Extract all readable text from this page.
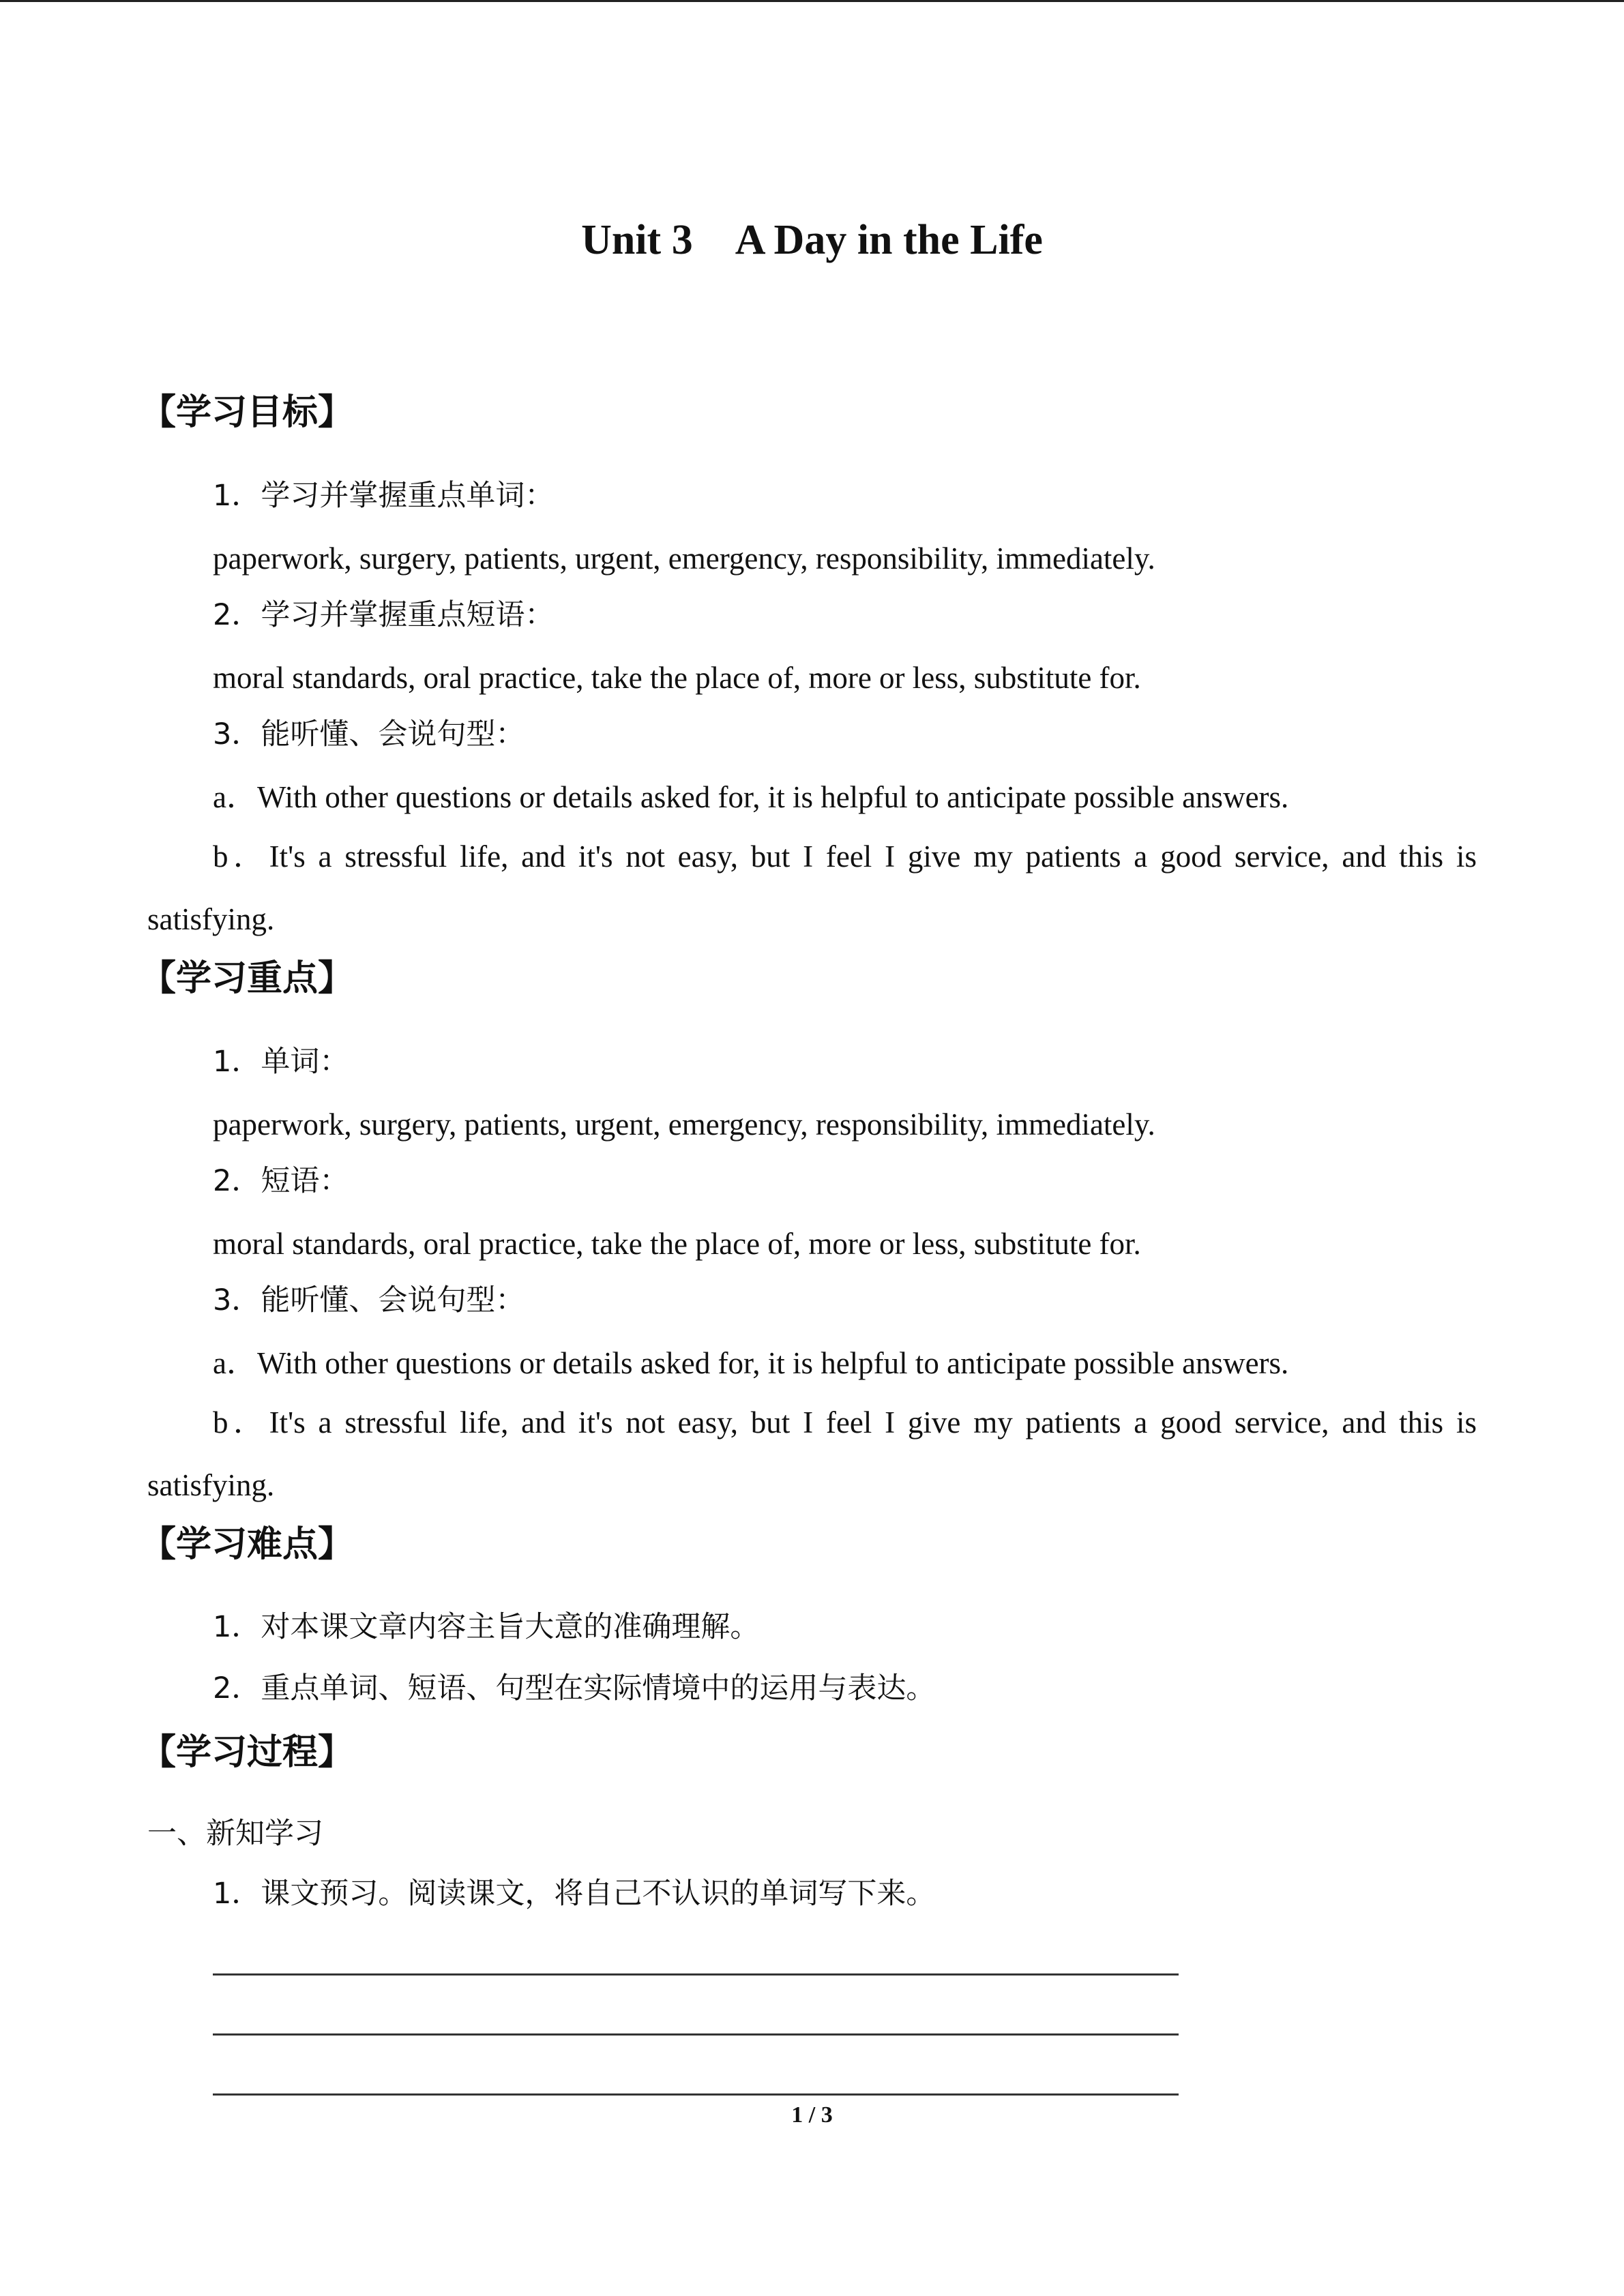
Unit 3　A Day in the Life
【学习目标】
1．学习并掌握重点单词：
paperwork, surgery, patients, urgent, emergency, responsibility, immediately.
2．学习并掌握重点短语：
moral standards, oral practice, take the place of, more or less, substitute for.
3．能听懂、会说句型：
a．With other questions or details asked for, it is helpful to anticipate possible answers.
b．It's a stressful life, and it's not easy, but I feel I give my patients a good service, and this is
satisfying.
【学习重点】
1．单词：
paperwork, surgery, patients, urgent, emergency, responsibility, immediately.
2．短语：
moral standards, oral practice, take the place of, more or less, substitute for.
3．能听懂、会说句型：
a．With other questions or details asked for, it is helpful to anticipate possible answers.
b．It's a stressful life, and it's not easy, but I feel I give my patients a good service, and this is
satisfying.
【学习难点】
1．对本课文章内容主旨大意的准确理解。
2．重点单词、短语、句型在实际情境中的运用与表达。
【学习过程】
一、新知学习
1．课文预习。阅读课文，将自己不认识的单词写下来。
1 / 3
